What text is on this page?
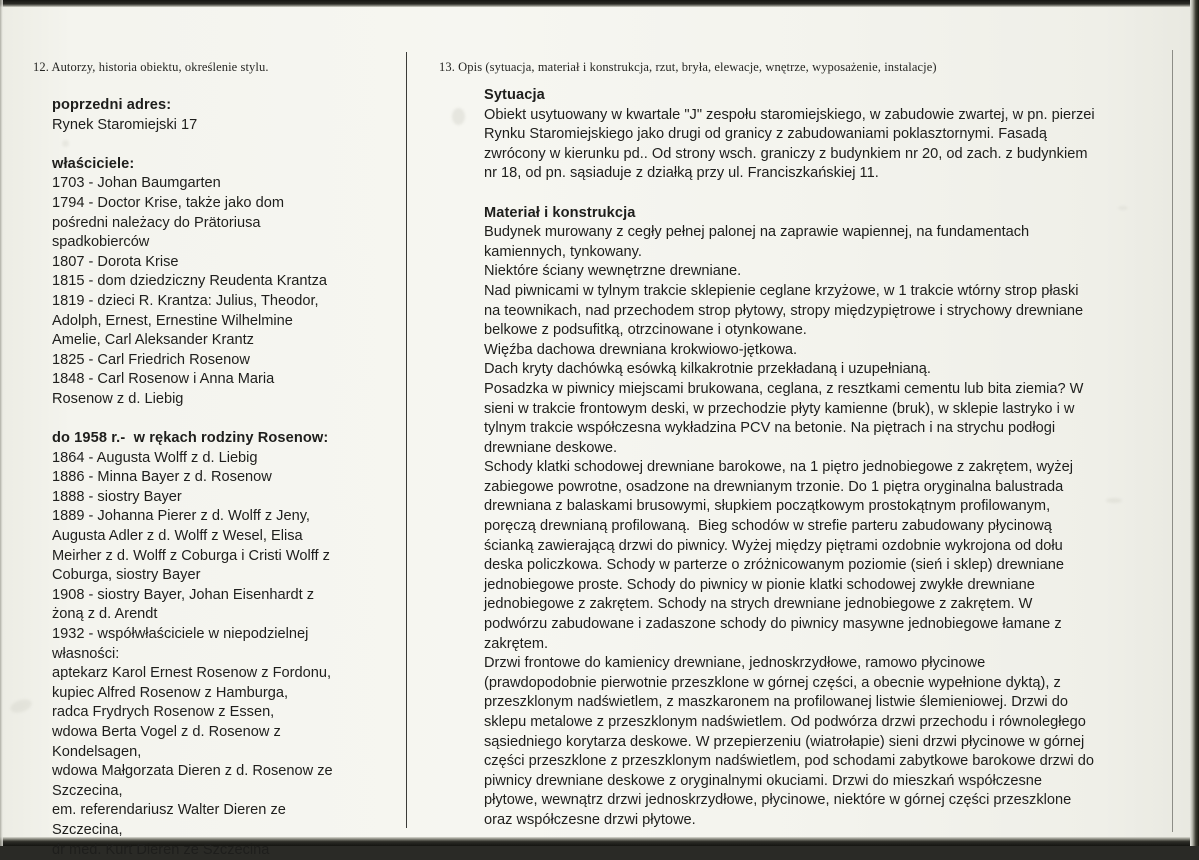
12. Autorzy, historia obiektu, określenie stylu.	13. Opis (sytuacja, materiał i konstrukcja, rzut, bryła, elewacje, wnętrze, wyposażenie, instalacje)
poprzedni adres:
Rynek Staromiejski 17
właściciele:
1703 - Johan Baumgarten
1794 - Doctor Krise, także jako dom
pośredni należacy do Prätoriusa
spadkobierców
1807 - Dorota Krise
1815 - dom dziedziczny Reudenta Krantza
1819 - dzieci R. Krantza: Julius, Theodor,
Adolph, Ernest, Ernestine Wilhelmine
Amelie, Carl Aleksander Krantz
1825 - Carl Friedrich Rosenow
1848 - Carl Rosenow i Anna Maria
Rosenow z d. Liebig
do 1958 r.-  w rękach rodziny Rosenow:
1864 - Augusta Wolff z d. Liebig
1886 - Minna Bayer z d. Rosenow
1888 - siostry Bayer
1889 - Johanna Pierer z d. Wolff z Jeny,
Augusta Adler z d. Wolff z Wesel, Elisa
Meirher z d. Wolff z Coburga i Cristi Wolff z
Coburga, siostry Bayer
1908 - siostry Bayer, Johan Eisenhardt z
żoną z d. Arendt
1932 - współwłaściciele w niepodzielnej
własności:
aptekarz Karol Ernest Rosenow z Fordonu,
kupiec Alfred Rosenow z Hamburga,
radca Frydrych Rosenow z Essen,
wdowa Berta Vogel z d. Rosenow z
Kondelsagen,
wdowa Małgorzata Dieren z d. Rosenow ze
Szczecina,
em. referendariusz Walter Dieren ze
Szczecina,
dr med. Kurt Dieren ze Szczecina
Sytuacja
Obiekt usytuowany w kwartale "J" zespołu staromiejskiego, w zabudowie zwartej, w pn. pierzei
Rynku Staromiejskiego jako drugi od granicy z zabudowaniami poklasztornymi. Fasadą
zwrócony w kierunku pd.. Od strony wsch. graniczy z budynkiem nr 20, od zach. z budynkiem
nr 18, od pn. sąsiaduje z działką przy ul. Franciszkańskiej 11.
Materiał i konstrukcja
Budynek murowany z cegły pełnej palonej na zaprawie wapiennej, na fundamentach
kamiennych, tynkowany.
Niektóre ściany wewnętrzne drewniane.
Nad piwnicami w tylnym trakcie sklepienie ceglane krzyżowe, w 1 trakcie wtórny strop płaski
na teownikach, nad przechodem strop płytowy, stropy międzypiętrowe i strychowy drewniane
belkowe z podsufitką, otrzcinowane i otynkowane.
Więźba dachowa drewniana krokwiowo-jętkowa.
Dach kryty dachówką esówką kilkakrotnie przekładaną i uzupełnianą.
Posadzka w piwnicy miejscami brukowana, ceglana, z resztkami cementu lub bita ziemia? W
sieni w trakcie frontowym deski, w przechodzie płyty kamienne (bruk), w sklepie lastryko i w
tylnym trakcie współczesna wykładzina PCV na betonie. Na piętrach i na strychu podłogi
drewniane deskowe.
Schody klatki schodowej drewniane barokowe, na 1 piętro jednobiegowe z zakrętem, wyżej
zabiegowe powrotne, osadzone na drewnianym trzonie. Do 1 piętra oryginalna balustrada
drewniana z balaskami brusowymi, słupkiem początkowym prostokątnym profilowanym,
poręczą drewnianą profilowaną.  Bieg schodów w strefie parteru zabudowany płycinową
ścianką zawierającą drzwi do piwnicy. Wyżej między piętrami ozdobnie wykrojona od dołu
deska policzkowa. Schody w parterze o zróżnicowanym poziomie (sień i sklep) drewniane
jednobiegowe proste. Schody do piwnicy w pionie klatki schodowej zwykłe drewniane
jednobiegowe z zakrętem. Schody na strych drewniane jednobiegowe z zakrętem. W
podwórzu zabudowane i zadaszone schody do piwnicy masywne jednobiegowe łamane z
zakrętem.
Drzwi frontowe do kamienicy drewniane, jednoskrzydłowe, ramowo płycinowe
(prawdopodobnie pierwotnie przeszklone w górnej części, a obecnie wypełnione dyktą), z
przeszklonym nadświetlem, z maszkaronem na profilowanej listwie ślemieniowej. Drzwi do
sklepu metalowe z przeszklonym nadświetlem. Od podwórza drzwi przechodu i równoległego
sąsiedniego korytarza deskowe. W przepierzeniu (wiatrołapie) sieni drzwi płycinowe w górnej
części przeszklone z przeszklonym nadświetlem, pod schodami zabytkowe barokowe drzwi do
piwnicy drewniane deskowe z oryginalnymi okuciami. Drzwi do mieszkań współczesne
płytowe, wewnątrz drzwi jednoskrzydłowe, płycinowe, niektóre w górnej części przeszklone
oraz współczesne drzwi płytowe.
